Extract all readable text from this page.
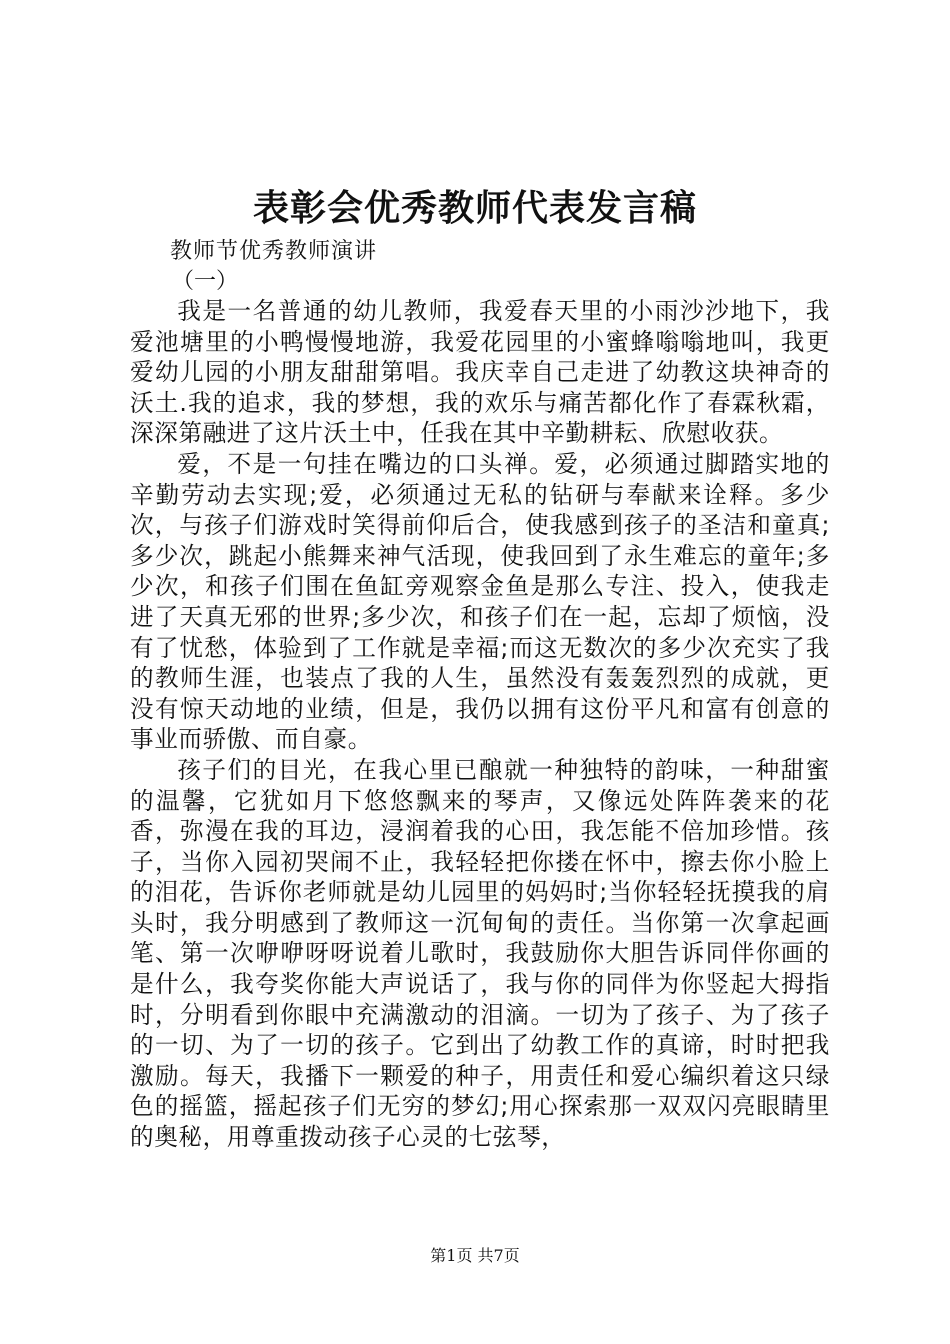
表彰会优秀教师代表发言稿
教师节优秀教师演讲
（一）

我是一名普通的幼儿教师，我爱春天里的小雨沙沙地下，我爱池塘里的小鸭慢慢地游，我爱花园里的小蜜蜂嗡嗡地叫，我更爱幼儿园的小朋友甜甜第唱。我庆幸自己走进了幼教这块神奇的沃土.我的追求，我的梦想，我的欢乐与痛苦都化作了春霖秋霜，深深第融进了这片沃土中，任我在其中辛勤耕耘、欣慰收获。

爱，不是一句挂在嘴边的口头禅。爱，必须通过脚踏实地的辛勤劳动去实现;爱，必须通过无私的钻研与奉献来诠释。多少次，与孩子们游戏时笑得前仰后合，使我感到孩子的圣洁和童真;多少次，跳起小熊舞来神气活现，使我回到了永生难忘的童年;多少次，和孩子们围在鱼缸旁观察金鱼是那么专注、投入，使我走进了天真无邪的世界;多少次，和孩子们在一起，忘却了烦恼，没有了忧愁，体验到了工作就是幸福;而这无数次的多少次充实了我的教师生涯，也装点了我的人生，虽然没有轰轰烈烈的成就，更没有惊天动地的业绩，但是，我仍以拥有这份平凡和富有创意的事业而骄傲、而自豪。

孩子们的目光，在我心里已酿就一种独特的韵味，一种甜蜜的温馨，它犹如月下悠悠飘来的琴声，又像远处阵阵袭来的花香，弥漫在我的耳边，浸润着我的心田，我怎能不倍加珍惜。孩子，当你入园初哭闹不止，我轻轻把你搂在怀中，擦去你小脸上的泪花，告诉你老师就是幼儿园里的妈妈时;当你轻轻抚摸我的肩头时，我分明感到了教师这一沉甸甸的责任。当你第一次拿起画笔、第一次咿咿呀呀说着儿歌时，我鼓励你大胆告诉同伴你画的是什么，我夸奖你能大声说话了，我与你的同伴为你竖起大拇指时，分明看到你眼中充满激动的泪滴。一切为了孩子、为了孩子的一切、为了一切的孩子。它到出了幼教工作的真谛，时时把我激励。每天，我播下一颗爱的种子，用责任和爱心编织着这只绿色的摇篮，摇起孩子们无穷的梦幻;用心探索那一双双闪亮眼睛里的奥秘，用尊重拨动孩子心灵的七弦琴，

第1页 共7页
